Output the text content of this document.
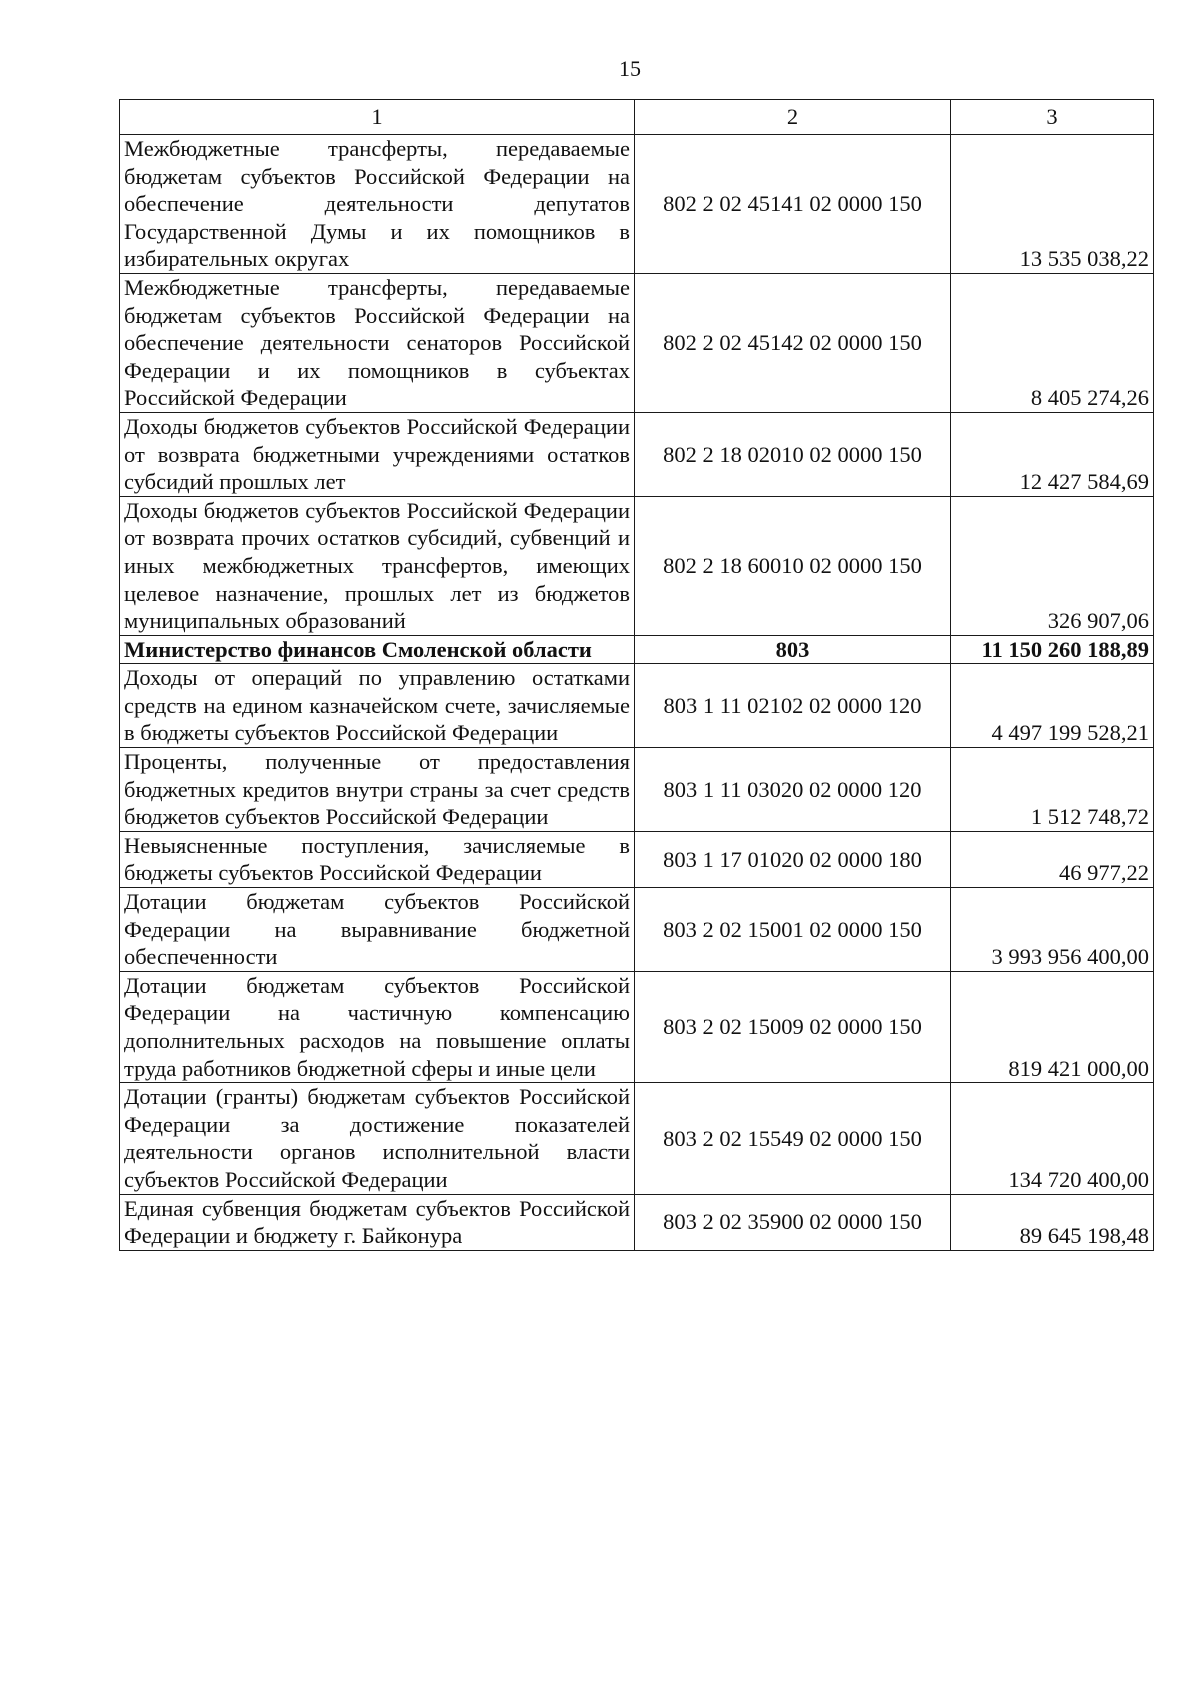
15
1	2	3
Межбюджетные трансферты, передаваемые бюджетам субъектов Российской Федерации на обеспечение деятельности депутатов Государственной Думы и их помощников в избирательных округах	802 2 02 45141 02 0000 150	13 535 038,22
Межбюджетные трансферты, передаваемые бюджетам субъектов Российской Федерации на обеспечение деятельности сенаторов Российской Федерации и их помощников в субъектах Российской Федерации	802 2 02 45142 02 0000 150	8 405 274,26
Доходы бюджетов субъектов Российской Федерации от возврата бюджетными учреждениями остатков субсидий прошлых лет	802 2 18 02010 02 0000 150	12 427 584,69
Доходы бюджетов субъектов Российской Федерации от возврата прочих остатков субсидий, субвенций и иных межбюджетных трансфертов, имеющих целевое назначение, прошлых лет из бюджетов муниципальных образований	802 2 18 60010 02 0000 150	326 907,06
Министерство финансов Смоленской области	803	11 150 260 188,89
Доходы от операций по управлению остатками средств на едином казначейском счете, зачисляемые в бюджеты субъектов Российской Федерации	803 1 11 02102 02 0000 120	4 497 199 528,21
Проценты, полученные от предоставления бюджетных кредитов внутри страны за счет средств бюджетов субъектов Российской Федерации	803 1 11 03020 02 0000 120	1 512 748,72
Невыясненные поступления, зачисляемые в бюджеты субъектов Российской Федерации	803 1 17 01020 02 0000 180	46 977,22
Дотации бюджетам субъектов Российской Федерации на выравнивание бюджетной обеспеченности	803 2 02 15001 02 0000 150	3 993 956 400,00
Дотации бюджетам субъектов Российской Федерации на частичную компенсацию дополнительных расходов на повышение оплаты труда работников бюджетной сферы и иные цели	803 2 02 15009 02 0000 150	819 421 000,00
Дотации (гранты) бюджетам субъектов Российской Федерации за достижение показателей деятельности органов исполнительной власти субъектов Российской Федерации	803 2 02 15549 02 0000 150	134 720 400,00
Единая субвенция бюджетам субъектов Российской Федерации и бюджету г. Байконура	803 2 02 35900 02 0000 150	89 645 198,48
